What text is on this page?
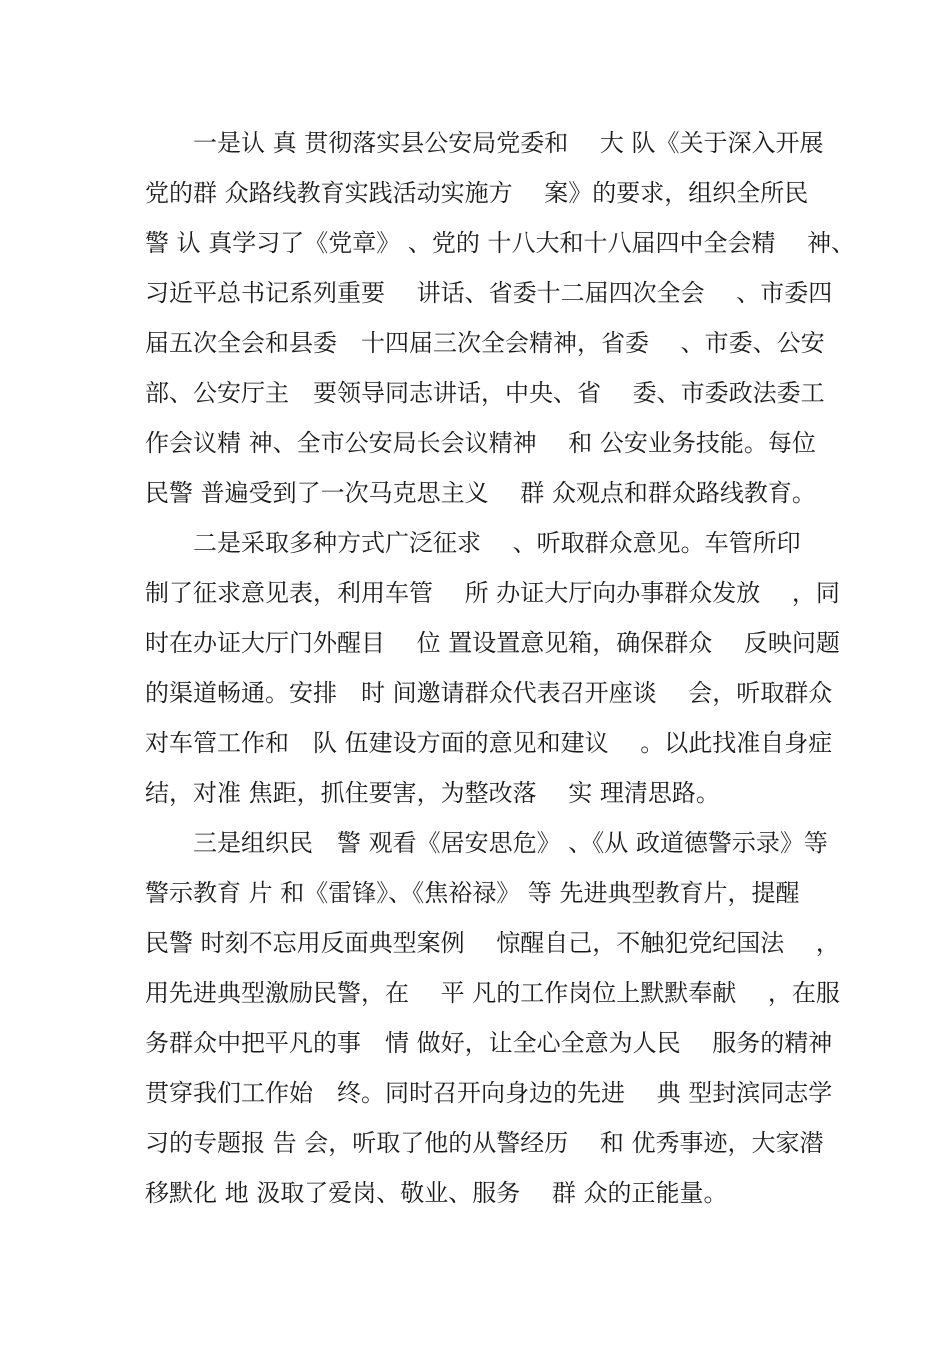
一是认 真 贯彻落实县公安局党委和　 大 队《关于深入开展
党的群 众路线教育实践活动实施方　 案》的要求，组织全所民
警 认 真学习了《党章》 、党的 十八大和十八届四中全会精　 神、
习近平总书记系列重要　 讲话、省委十二届四次全会　 、市委四
届五次全会和县委　十四届三次全会精神，省委　 、市委、公安
部、公安厅主　要领导同志讲话，中央、省　 委、市委政法委工
作会议精 神、全市公安局长会议精神　 和 公安业务技能。每位
民警 普遍受到了一次马克思主义　 群 众观点和群众路线教育。
二是采取多种方式广泛征求　 、听取群众意见。车管所印
制了征求意见表，利用车管　 所 办证大厅向办事群众发放　 ，同
时在办证大厅门外醒目　 位 置设置意见箱，确保群众　 反映问题
的渠道畅通。安排　时 间邀请群众代表召开座谈　 会，听取群众
对车管工作和　队 伍建设方面的意见和建议　 。以此找准自身症
结，对准 焦距，抓住要害，为整改落　 实 理清思路。
三是组织民　警 观看《居安思危》 、《从 政道德警示录》等
警示教育 片 和《雷锋》、《焦裕禄》 等 先进典型教育片，提醒
民警 时刻不忘用反面典型案例　 惊醒自己，不触犯党纪国法　 ，
用先进典型激励民警，在　 平 凡的工作岗位上默默奉献　 ，在服
务群众中把平凡的事　情 做好，让全心全意为人民　 服务的精神
贯穿我们工作始　终。同时召开向身边的先进　 典 型封滨同志学
习的专题报 告 会，听取了他的从警经历　 和 优秀事迹，大家潜
移默化 地 汲取了爱岗、敬业、服务　 群 众的正能量。
